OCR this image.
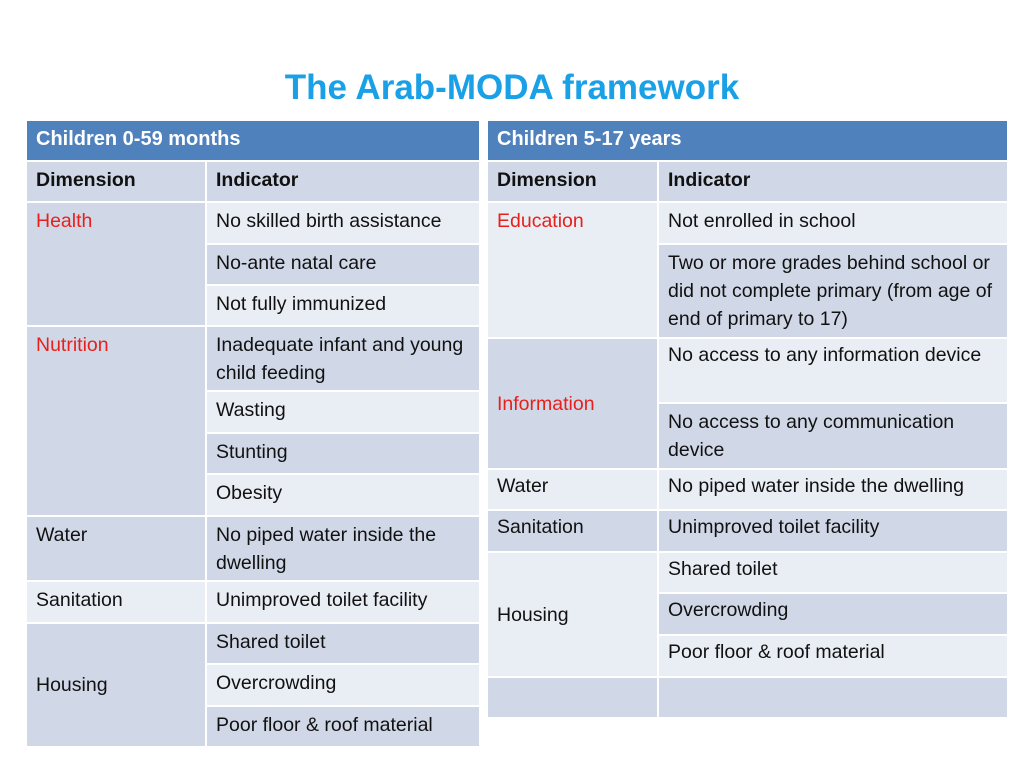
The Arab-MODA framework
Children 0-59 months	
Dimension	Indicator
Health	No skilled birth assistance
	No-ante natal care
	Not fully immunized
Nutrition	Inadequate infant and young child feeding
	Wasting
	Stunting
	Obesity
Water	No piped water inside the dwelling
Sanitation	Unimproved toilet facility
Housing	Shared toilet
	Overcrowding
	Poor floor & roof material
Children 5-17 years	
Dimension	Indicator
Education	Not enrolled in school
	Two or more grades behind school or did not complete primary (from age of end of primary to 17)
Information	No access to any information device
	No access to any communication device
Water	No piped water inside the dwelling
Sanitation	Unimproved toilet facility
Housing	Shared toilet
	Overcrowding
	Poor floor & roof material
